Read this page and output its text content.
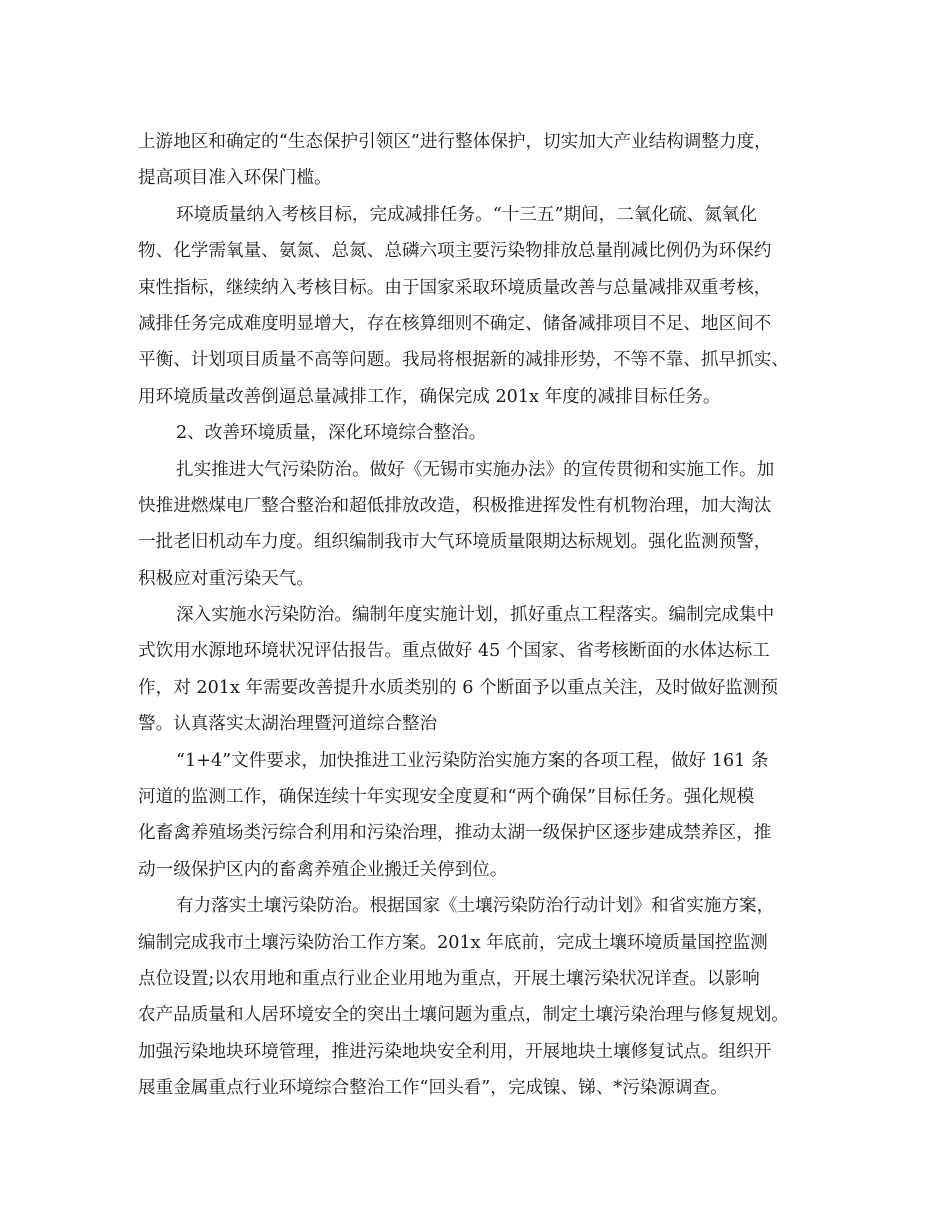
上游地区和确定的“生态保护引领区”进行整体保护，切实加大产业结构调整力度，
提高项目准入环保门槛。
环境质量纳入考核目标，完成减排任务。“十三五”期间，二氧化硫、氮氧化
物、化学需氧量、氨氮、总氮、总磷六项主要污染物排放总量削减比例仍为环保约
束性指标，继续纳入考核目标。由于国家采取环境质量改善与总量减排双重考核，
减排任务完成难度明显增大，存在核算细则不确定、储备减排项目不足、地区间不
平衡、计划项目质量不高等问题。我局将根据新的减排形势，不等不靠、抓早抓实、
用环境质量改善倒逼总量减排工作，确保完成 201x 年度的减排目标任务。
2、改善环境质量，深化环境综合整治。
扎实推进大气污染防治。做好《无锡市实施办法》的宣传贯彻和实施工作。加
快推进燃煤电厂整合整治和超低排放改造，积极推进挥发性有机物治理，加大淘汰
一批老旧机动车力度。组织编制我市大气环境质量限期达标规划。强化监测预警，
积极应对重污染天气。
深入实施水污染防治。编制年度实施计划，抓好重点工程落实。编制完成集中
式饮用水源地环境状况评估报告。重点做好 45 个国家、省考核断面的水体达标工
作，对 201x 年需要改善提升水质类别的 6 个断面予以重点关注，及时做好监测预
警。认真落实太湖治理暨河道综合整治
“1+4”文件要求，加快推进工业污染防治实施方案的各项工程，做好 161 条
河道的监测工作，确保连续十年实现安全度夏和“两个确保”目标任务。强化规模
化畜禽养殖场类污综合利用和污染治理，推动太湖一级保护区逐步建成禁养区，推
动一级保护区内的畜禽养殖企业搬迁关停到位。
有力落实土壤污染防治。根据国家《土壤污染防治行动计划》和省实施方案，
编制完成我市土壤污染防治工作方案。201x 年底前，完成土壤环境质量国控监测
点位设置;以农用地和重点行业企业用地为重点，开展土壤污染状况详查。以影响
农产品质量和人居环境安全的突出土壤问题为重点，制定土壤污染治理与修复规划。
加强污染地块环境管理，推进污染地块安全利用，开展地块土壤修复试点。组织开
展重金属重点行业环境综合整治工作“回头看”，完成镍、锑、*污染源调查。
